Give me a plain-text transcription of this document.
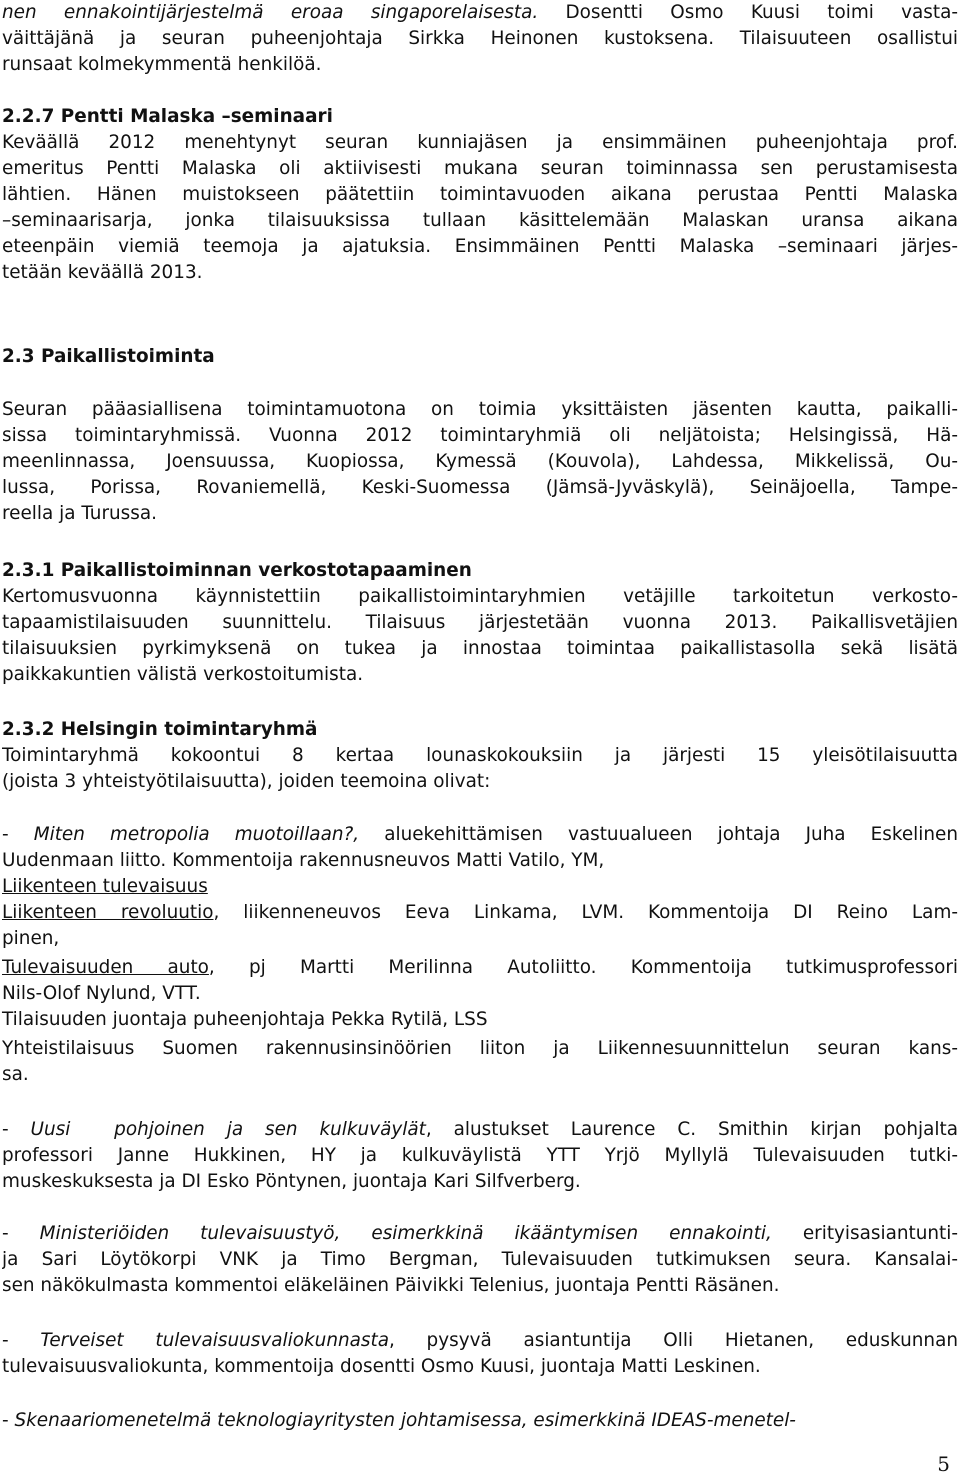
nen ennakointijärjestelmä eroaa singaporelaisesta. Dosentti Osmo Kuusi toimi vasta-
väittäjänä ja seuran puheenjohtaja Sirkka Heinonen kustoksena. Tilaisuuteen osallistui
runsaat kolmekymmentä henkilöä.
2.2.7 Pentti Malaska –seminaari
Keväällä 2012 menehtynyt seuran kunniajäsen ja ensimmäinen puheenjohtaja prof.
emeritus Pentti Malaska oli aktiivisesti mukana seuran toiminnassa sen perustamisesta
lähtien. Hänen muistokseen päätettiin toimintavuoden aikana perustaa Pentti Malaska
–seminaarisarja, jonka tilaisuuksissa tullaan käsittelemään Malaskan uransa aikana
eteenpäin viemiä teemoja ja ajatuksia. Ensimmäinen Pentti Malaska –seminaari järjes-
tetään keväällä 2013.
2.3 Paikallistoiminta
Seuran pääasiallisena toimintamuotona on toimia yksittäisten jäsenten kautta, paikalli-
sissa toimintaryhmissä. Vuonna 2012 toimintaryhmiä oli neljätoista; Helsingissä, Hä-
meenlinnassa, Joensuussa, Kuopiossa, Kymessä (Kouvola), Lahdessa, Mikkelissä, Ou-
lussa, Porissa, Rovaniemellä, Keski-Suomessa (Jämsä-Jyväskylä), Seinäjoella, Tampe-
reella ja Turussa.
2.3.1 Paikallistoiminnan verkostotapaaminen
Kertomusvuonna käynnistettiin paikallistoimintaryhmien vetäjille tarkoitetun verkosto-
tapaamistilaisuuden suunnittelu. Tilaisuus järjestetään vuonna 2013. Paikallisvetäjien
tilaisuuksien pyrkimyksenä on tukea ja innostaa toimintaa paikallistasolla sekä lisätä
paikkakuntien välistä verkostoitumista.
2.3.2 Helsingin toimintaryhmä
Toimintaryhmä kokoontui 8 kertaa lounaskokouksiin ja järjesti 15 yleisötilaisuutta
(joista 3 yhteistyötilaisuutta), joiden teemoina olivat:
- Miten metropolia muotoillaan?, aluekehittämisen vastuualueen johtaja Juha Eskelinen
Uudenmaan liitto. Kommentoija rakennusneuvos Matti Vatilo, YM,
Liikenteen tulevaisuus
Liikenteen revoluutio, liikenneneuvos Eeva Linkama, LVM. Kommentoija DI Reino Lam-
pinen,
Tulevaisuuden auto, pj Martti Merilinna Autoliitto. Kommentoija tutkimusprofessori
Nils-Olof Nylund, VTT.
Tilaisuuden juontaja puheenjohtaja Pekka Rytilä, LSS
Yhteistilaisuus Suomen rakennusinsinöörien liiton ja Liikennesuunnittelun seuran kans-
sa.
- Uusi  pohjoinen ja sen kulkuväylät, alustukset Laurence C. Smithin kirjan pohjalta
professori Janne Hukkinen, HY ja kulkuväylistä YTT Yrjö Myllylä Tulevaisuuden tutki-
muskeskuksesta ja DI Esko Pöntynen, juontaja Kari Silfverberg.
- Ministeriöiden tulevaisuustyö, esimerkkinä ikääntymisen ennakointi, erityisasiantunti-
ja Sari Löytökorpi VNK ja Timo Bergman, Tulevaisuuden tutkimuksen seura. Kansalai-
sen näkökulmasta kommentoi eläkeläinen Päivikki Telenius, juontaja Pentti Räsänen.
- Terveiset tulevaisuusvaliokunnasta, pysyvä asiantuntija Olli Hietanen, eduskunnan
tulevaisuusvaliokunta, kommentoija dosentti Osmo Kuusi, juontaja Matti Leskinen.
- Skenaariomenetelmä teknologiayritysten johtamisessa, esimerkkinä IDEAS-menetel-
5
